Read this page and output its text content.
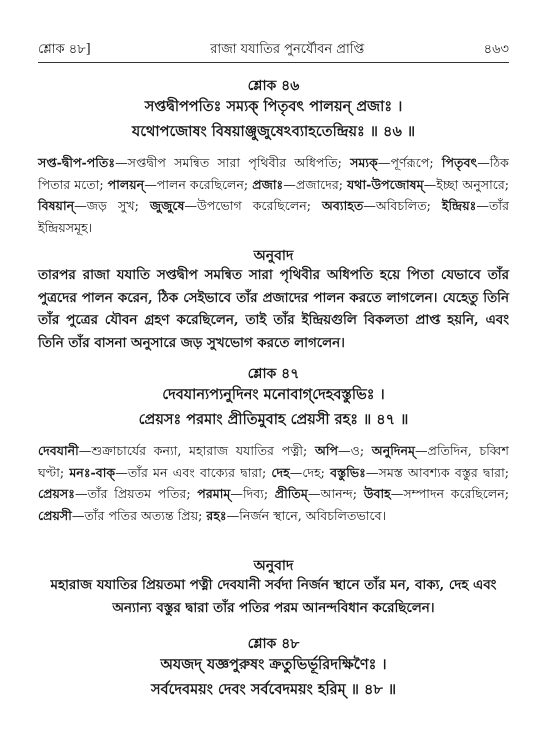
শ্লোক ৪৮]	রাজা যযাতির পুনর্যৌবন প্রাপ্তি	৪৬৩
শ্লোক ৪৬
সপ্তদ্বীপপতিঃ সম্যক্ পিতৃবৎ পালয়ন্ প্রজাঃ ।
যথোপজোষং বিষয়াঞ্জুজুষেঽব্যাহতেন্দ্রিয়ঃ ॥ ৪৬ ॥
সপ্ত-দ্বীপ-পতিঃ—সপ্তদ্বীপ সমন্বিত সারা পৃথিবীর অধিপতি; সম্যক্—পূর্ণরূপে; পিতৃবৎ—ঠিক পিতার মতো; পালয়ন্—পালন করেছিলেন; প্রজাঃ—প্রজাদের; যথা-উপজোষম্—ইচ্ছা অনুসারে; বিষয়ান্—জড় সুখ; জুজুষে—উপভোগ করেছিলেন; অব্যাহত—অবিচলিত; ইন্দ্রিয়ঃ—তাঁর ইন্দ্রিয়সমূহ।
অনুবাদ
তারপর রাজা যযাতি সপ্তদ্বীপ সমন্বিত সারা পৃথিবীর অধিপতি হয়ে পিতা যেভাবে তাঁর পুত্রদের পালন করেন, ঠিক সেইভাবে তাঁর প্রজাদের পালন করতে লাগলেন। যেহেতু তিনি তাঁর পুত্রের যৌবন গ্রহণ করেছিলেন, তাই তাঁর ইন্দ্রিয়গুলি বিকলতা প্রাপ্ত হয়নি, এবং তিনি তাঁর বাসনা অনুসারে জড় সুখভোগ করতে লাগলেন।
শ্লোক ৪৭
দেবযান্যপ্যনুদিনং মনোবাগ্‌দেহবস্তুভিঃ ।
প্রেয়সঃ পরমাং প্রীতিমুবাহ প্রেয়সী রহঃ ॥ ৪৭ ॥
দেবযানী—শুক্রাচার্যের কন্যা, মহারাজ যযাতির পত্নী; অপি—ও; অনুদিনম্—প্রতিদিন, চব্বিশ ঘণ্টা; মনঃ-বাক্—তাঁর মন এবং বাক্যের দ্বারা; দেহ—দেহ; বস্তুভিঃ—সমস্ত আবশ্যক বস্তুর দ্বারা; প্রেয়সঃ—তাঁর প্রিয়তম পতির; পরমাম্—দিব্য; প্রীতিম্—আনন্দ; উবাহ—সম্পাদন করেছিলেন; প্রেয়সী—তাঁর পতির অত্যন্ত প্রিয়; রহঃ—নির্জন স্থানে, অবিচলিতভাবে।
অনুবাদ
মহারাজ যযাতির প্রিয়তমা পত্নী দেবযানী সর্বদা নির্জন স্থানে তাঁর মন, বাক্য, দেহ এবং অন্যান্য বস্তুর দ্বারা তাঁর পতির পরম আনন্দবিধান করেছিলেন।
শ্লোক ৪৮
অযজদ্ যজ্ঞপুরুষং ক্রতুভির্ভূরিদক্ষিণৈঃ ।
সর্বদেবময়ং দেবং সর্ববেদময়ং হরিম্ ॥ ৪৮ ॥
